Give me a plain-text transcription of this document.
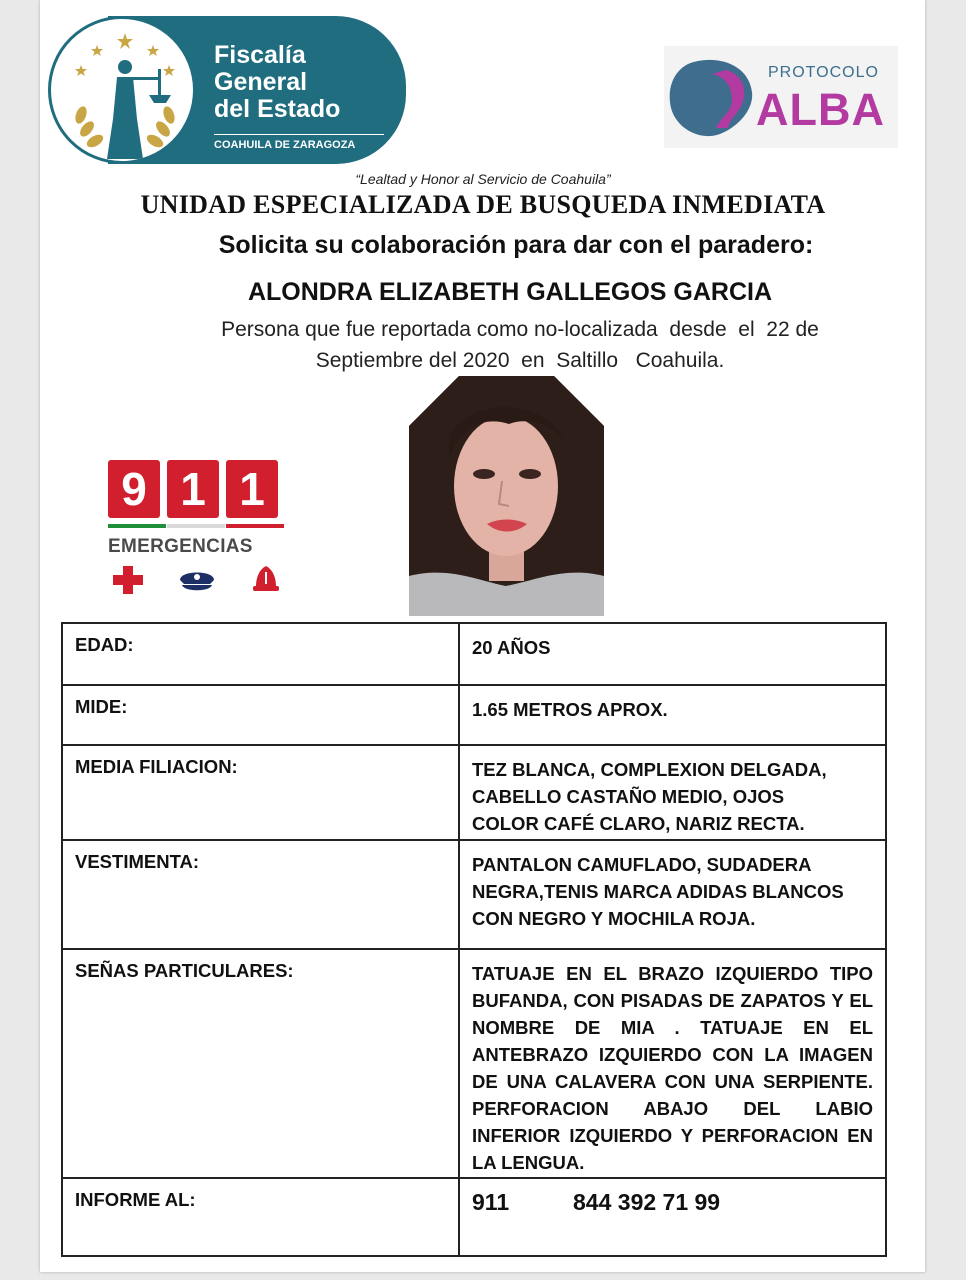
Fiscalía
General
del Estado
COAHUILA DE ZARAGOZA
PROTOCOLO
ALBA
“Lealtad y Honor al Servicio de Coahuila”
UNIDAD ESPECIALIZADA DE BUSQUEDA INMEDIATA
Solicita su colaboración para dar con el paradero:
ALONDRA ELIZABETH GALLEGOS GARCIA
Persona que fue reportada como no-localizada  desde  el  22 de
Septiembre del 2020  en  Saltillo   Coahuila.
9 1 1
EMERGENCIAS
EDAD:	20 AÑOS
MIDE:	1.65 METROS APROX.
MEDIA FILIACION:	TEZ BLANCA, COMPLEXION DELGADA, CABELLO CASTAÑO MEDIO, OJOS COLOR CAFÉ CLARO, NARIZ RECTA.
VESTIMENTA:	PANTALON CAMUFLADO, SUDADERA NEGRA,TENIS MARCA ADIDAS BLANCOS CON NEGRO Y MOCHILA ROJA.
SEÑAS PARTICULARES:	TATUAJE EN EL BRAZO IZQUIERDO TIPO BUFANDA, CON PISADAS DE ZAPATOS Y EL NOMBRE DE MIA . TATUAJE EN EL ANTEBRAZO IZQUIERDO CON LA IMAGEN DE UNA CALAVERA CON UNA SERPIENTE. PERFORACION ABAJO DEL LABIO INFERIOR IZQUIERDO Y PERFORACION EN LA LENGUA.
INFORME AL:	911          844 392 71 99
